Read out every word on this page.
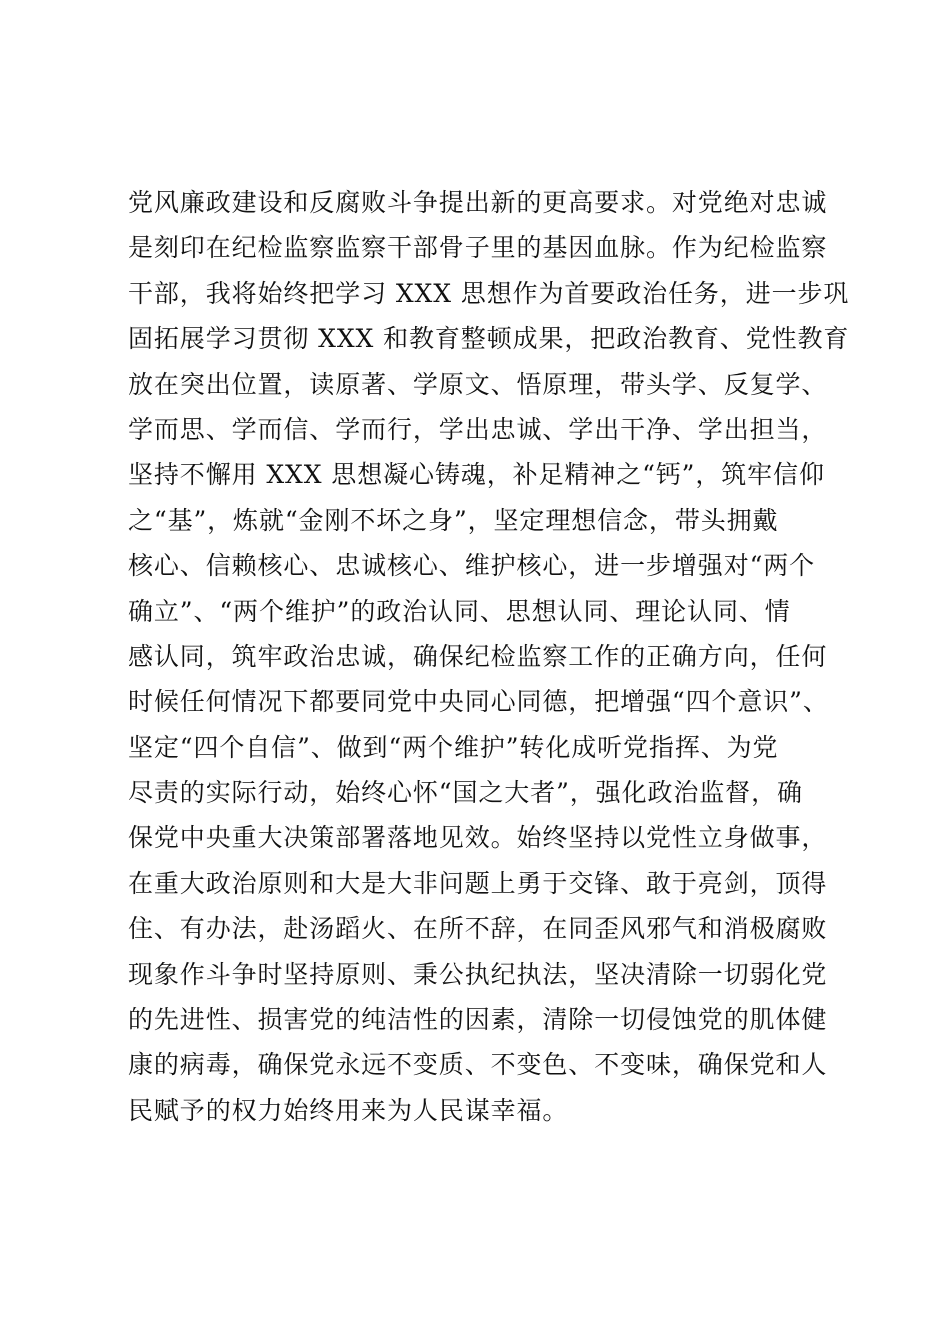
党风廉政建设和反腐败斗争提出新的更高要求。对党绝对忠诚
是刻印在纪检监察监察干部骨子里的基因血脉。作为纪检监察
干部，我将始终把学习 XXX 思想作为首要政治任务，进一步巩
固拓展学习贯彻 XXX 和教育整顿成果，把政治教育、党性教育
放在突出位置，读原著、学原文、悟原理，带头学、反复学、
学而思、学而信、学而行，学出忠诚、学出干净、学出担当，
坚持不懈用 XXX 思想凝心铸魂，补足精神之“钙”，筑牢信仰
之“基”，炼就“金刚不坏之身”，坚定理想信念，带头拥戴
核心、信赖核心、忠诚核心、维护核心，进一步增强对“两个
确立”、“两个维护”的政治认同、思想认同、理论认同、情
感认同，筑牢政治忠诚，确保纪检监察工作的正确方向，任何
时候任何情况下都要同党中央同心同德，把增强“四个意识”、
坚定“四个自信”、做到“两个维护”转化成听党指挥、为党
尽责的实际行动，始终心怀“国之大者”，强化政治监督，确
保党中央重大决策部署落地见效。始终坚持以党性立身做事，
在重大政治原则和大是大非问题上勇于交锋、敢于亮剑，顶得
住、有办法，赴汤蹈火、在所不辞，在同歪风邪气和消极腐败
现象作斗争时坚持原则、秉公执纪执法，坚决清除一切弱化党
的先进性、损害党的纯洁性的因素，清除一切侵蚀党的肌体健
康的病毒，确保党永远不变质、不变色、不变味，确保党和人
民赋予的权力始终用来为人民谋幸福。
